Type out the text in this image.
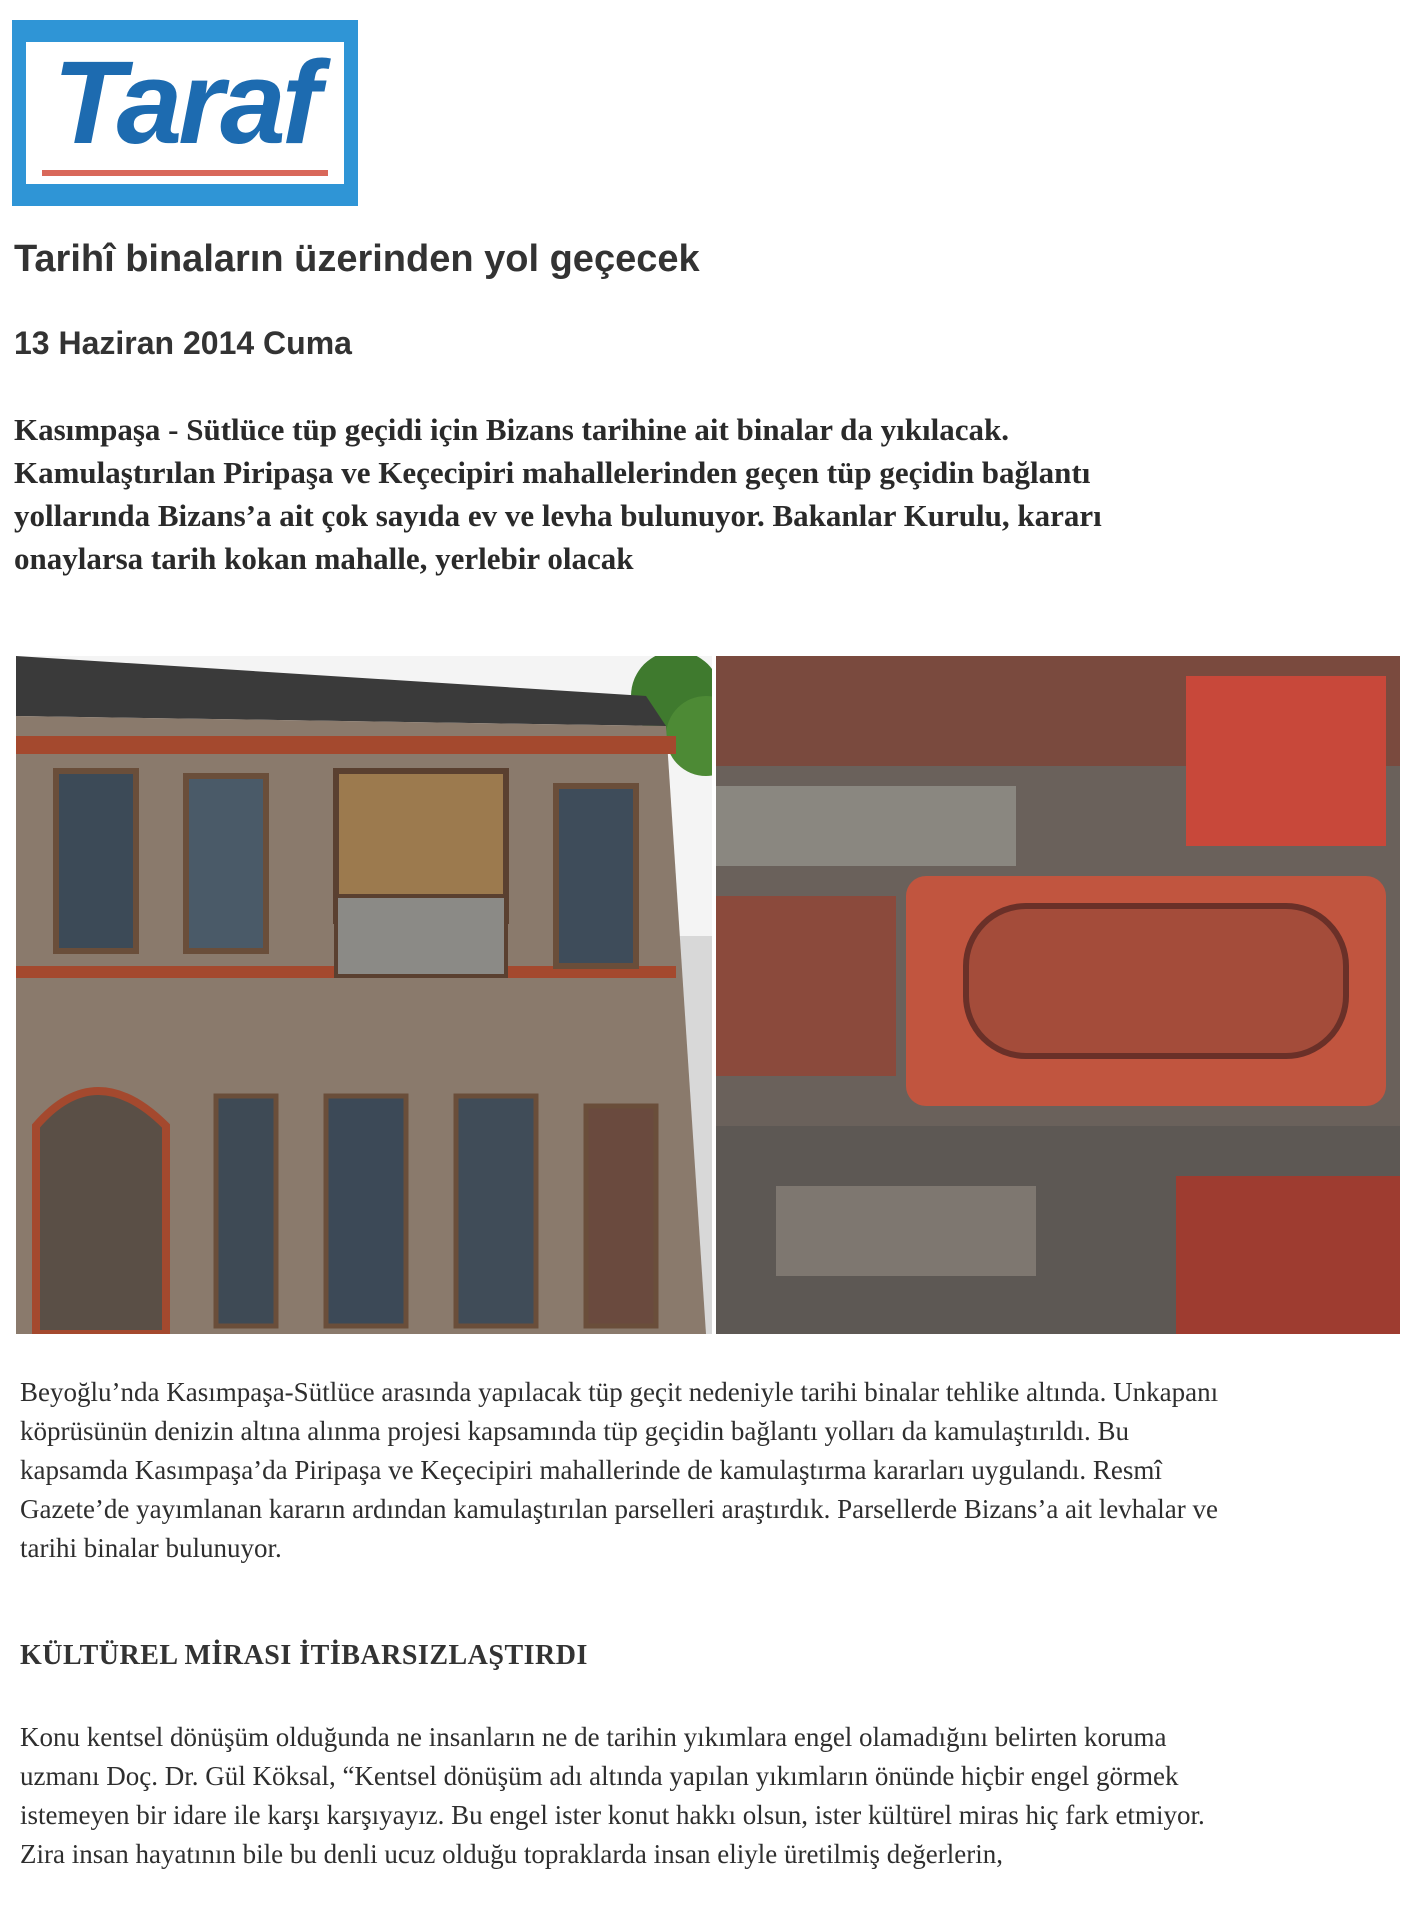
Taraf
Tarihî binaların üzerinden yol geçecek
13 Haziran 2014 Cuma

Kasımpaşa - Sütlüce tüp geçidi için Bizans tarihine ait binalar da yıkılacak. Kamulaştırılan Piripaşa ve Keçecipiri mahallelerinden geçen tüp geçidin bağlantı yollarında Bizans’a ait çok sayıda ev ve levha bulunuyor. Bakanlar Kurulu, kararı onaylarsa tarih kokan mahalle, yerlebir olacak

Beyoğlu’nda Kasımpaşa-Sütlüce arasında yapılacak tüp geçit nedeniyle tarihi binalar tehlike altında. Unkapanı köprüsünün denizin altına alınma projesi kapsamında tüp geçidin bağlantı yolları da kamulaştırıldı. Bu kapsamda Kasımpaşa’da Piripaşa ve Keçecipiri mahallerinde de kamulaştırma kararları uygulandı. Resmî Gazete’de yayımlanan kararın ardından kamulaştırılan parselleri araştırdık. Parsellerde Bizans’a ait levhalar ve tarihi binalar bulunuyor.

KÜLTÜREL MİRASI İTİBARSIZLAŞTIRDI

Konu kentsel dönüşüm olduğunda ne insanların ne de tarihin yıkımlara engel olamadığını belirten koruma uzmanı Doç. Dr. Gül Köksal, “Kentsel dönüşüm adı altında yapılan yıkımların önünde hiçbir engel görmek istemeyen bir idare ile karşı karşıyayız. Bu engel ister konut hakkı olsun, ister kültürel miras hiç fark etmiyor. Zira insan hayatının bile bu denli ucuz olduğu topraklarda insan eliyle üretilmiş değerlerin,
